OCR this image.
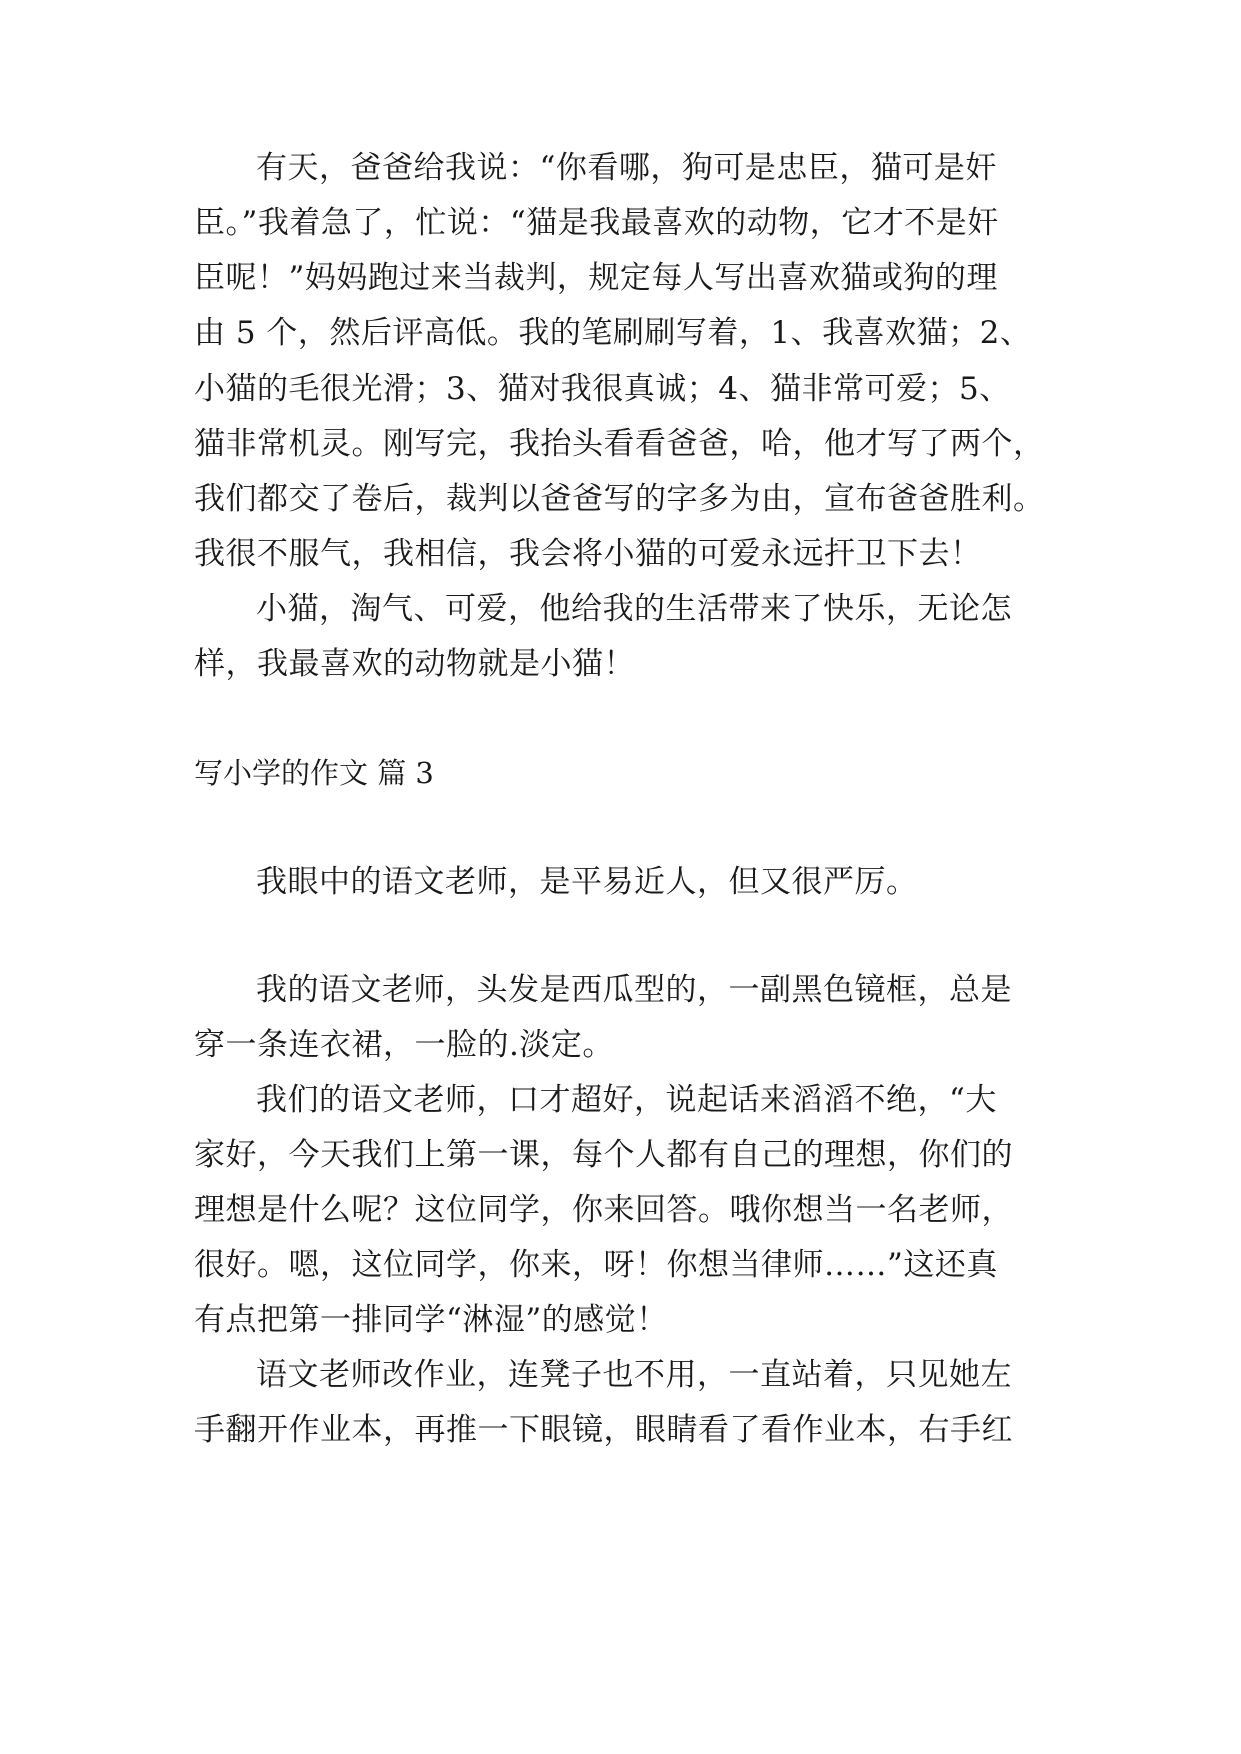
有天，爸爸给我说：“你看哪，狗可是忠臣，猫可是奸
臣。”我着急了，忙说：“猫是我最喜欢的动物，它才不是奸
臣呢！”妈妈跑过来当裁判，规定每人写出喜欢猫或狗的理
由 5 个，然后评高低。我的笔刷刷写着，1、我喜欢猫；2、
小猫的毛很光滑；3、猫对我很真诚；4、猫非常可爱；5、
猫非常机灵。刚写完，我抬头看看爸爸，哈，他才写了两个，
我们都交了卷后，裁判以爸爸写的字多为由，宣布爸爸胜利。
我很不服气，我相信，我会将小猫的可爱永远扞卫下去！
小猫，淘气、可爱，他给我的生活带来了快乐，无论怎
样，我最喜欢的动物就是小猫！
写小学的作文 篇 3
我眼中的语文老师，是平易近人，但又很严厉。
我的语文老师，头发是西瓜型的，一副黑色镜框，总是
穿一条连衣裙，一脸的.淡定。
我们的语文老师，口才超好，说起话来滔滔不绝，“大
家好，今天我们上第一课，每个人都有自己的理想，你们的
理想是什么呢？这位同学，你来回答。哦你想当一名老师，
很好。嗯，这位同学，你来，呀！你想当律师……”这还真
有点把第一排同学“淋湿”的感觉！
语文老师改作业，连凳子也不用，一直站着，只见她左
手翻开作业本，再推一下眼镜，眼睛看了看作业本，右手红
